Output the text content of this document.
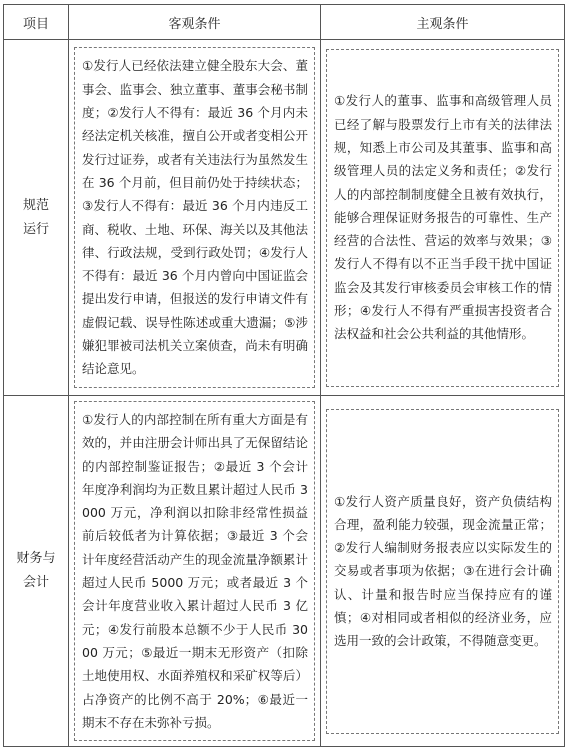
项目	客观条件	主观条件

规范
运行	①发行人已经依法建立健全股东大会、董事会、监事会、独立董事、董事会秘书制度；②发行人不得有：最近 36 个月内未经法定机关核准，擅自公开或者变相公开发行过证券，或者有关违法行为虽然发生在 36 个月前，但目前仍处于持续状态；③发行人不得有：最近 36 个月内违反工商、税收、土地、环保、海关以及其他法律、行政法规，受到行政处罚；④发行人不得有：最近 36 个月内曾向中国证监会提出发行申请，但报送的发行申请文件有虚假记载、误导性陈述或重大遗漏；⑤涉嫌犯罪被司法机关立案侦查，尚未有明确结论意见。	①发行人的董事、监事和高级管理人员已经了解与股票发行上市有关的法律法规，知悉上市公司及其董事、监事和高级管理人员的法定义务和责任；②发行人的内部控制制度健全且被有效执行，能够合理保证财务报告的可靠性、生产经营的合法性、营运的效率与效果；③发行人不得有以不正当手段干扰中国证监会及其发行审核委员会审核工作的情形；④发行人不得有严重损害投资者合法权益和社会公共利益的其他情形。

财务与
会计	①发行人的内部控制在所有重大方面是有效的，并由注册会计师出具了无保留结论的内部控制鉴证报告；②最近 3 个会计年度净利润均为正数且累计超过人民币 3000 万元，净利润以扣除非经常性损益前后较低者为计算依据；③最近 3 个会计年度经营活动产生的现金流量净额累计超过人民币 5000 万元；或者最近 3 个会计年度营业收入累计超过人民币 3 亿元；④发行前股本总额不少于人民币 3000 万元；⑤最近一期末无形资产（扣除土地使用权、水面养殖权和采矿权等后）占净资产的比例不高于 20%；⑥最近一期末不存在未弥补亏损。	①发行人资产质量良好，资产负债结构合理，盈利能力较强，现金流量正常；②发行人编制财务报表应以实际发生的交易或者事项为依据；③在进行会计确认、计量和报告时应当保持应有的谨慎；④对相同或者相似的经济业务，应选用一致的会计政策，不得随意变更。
